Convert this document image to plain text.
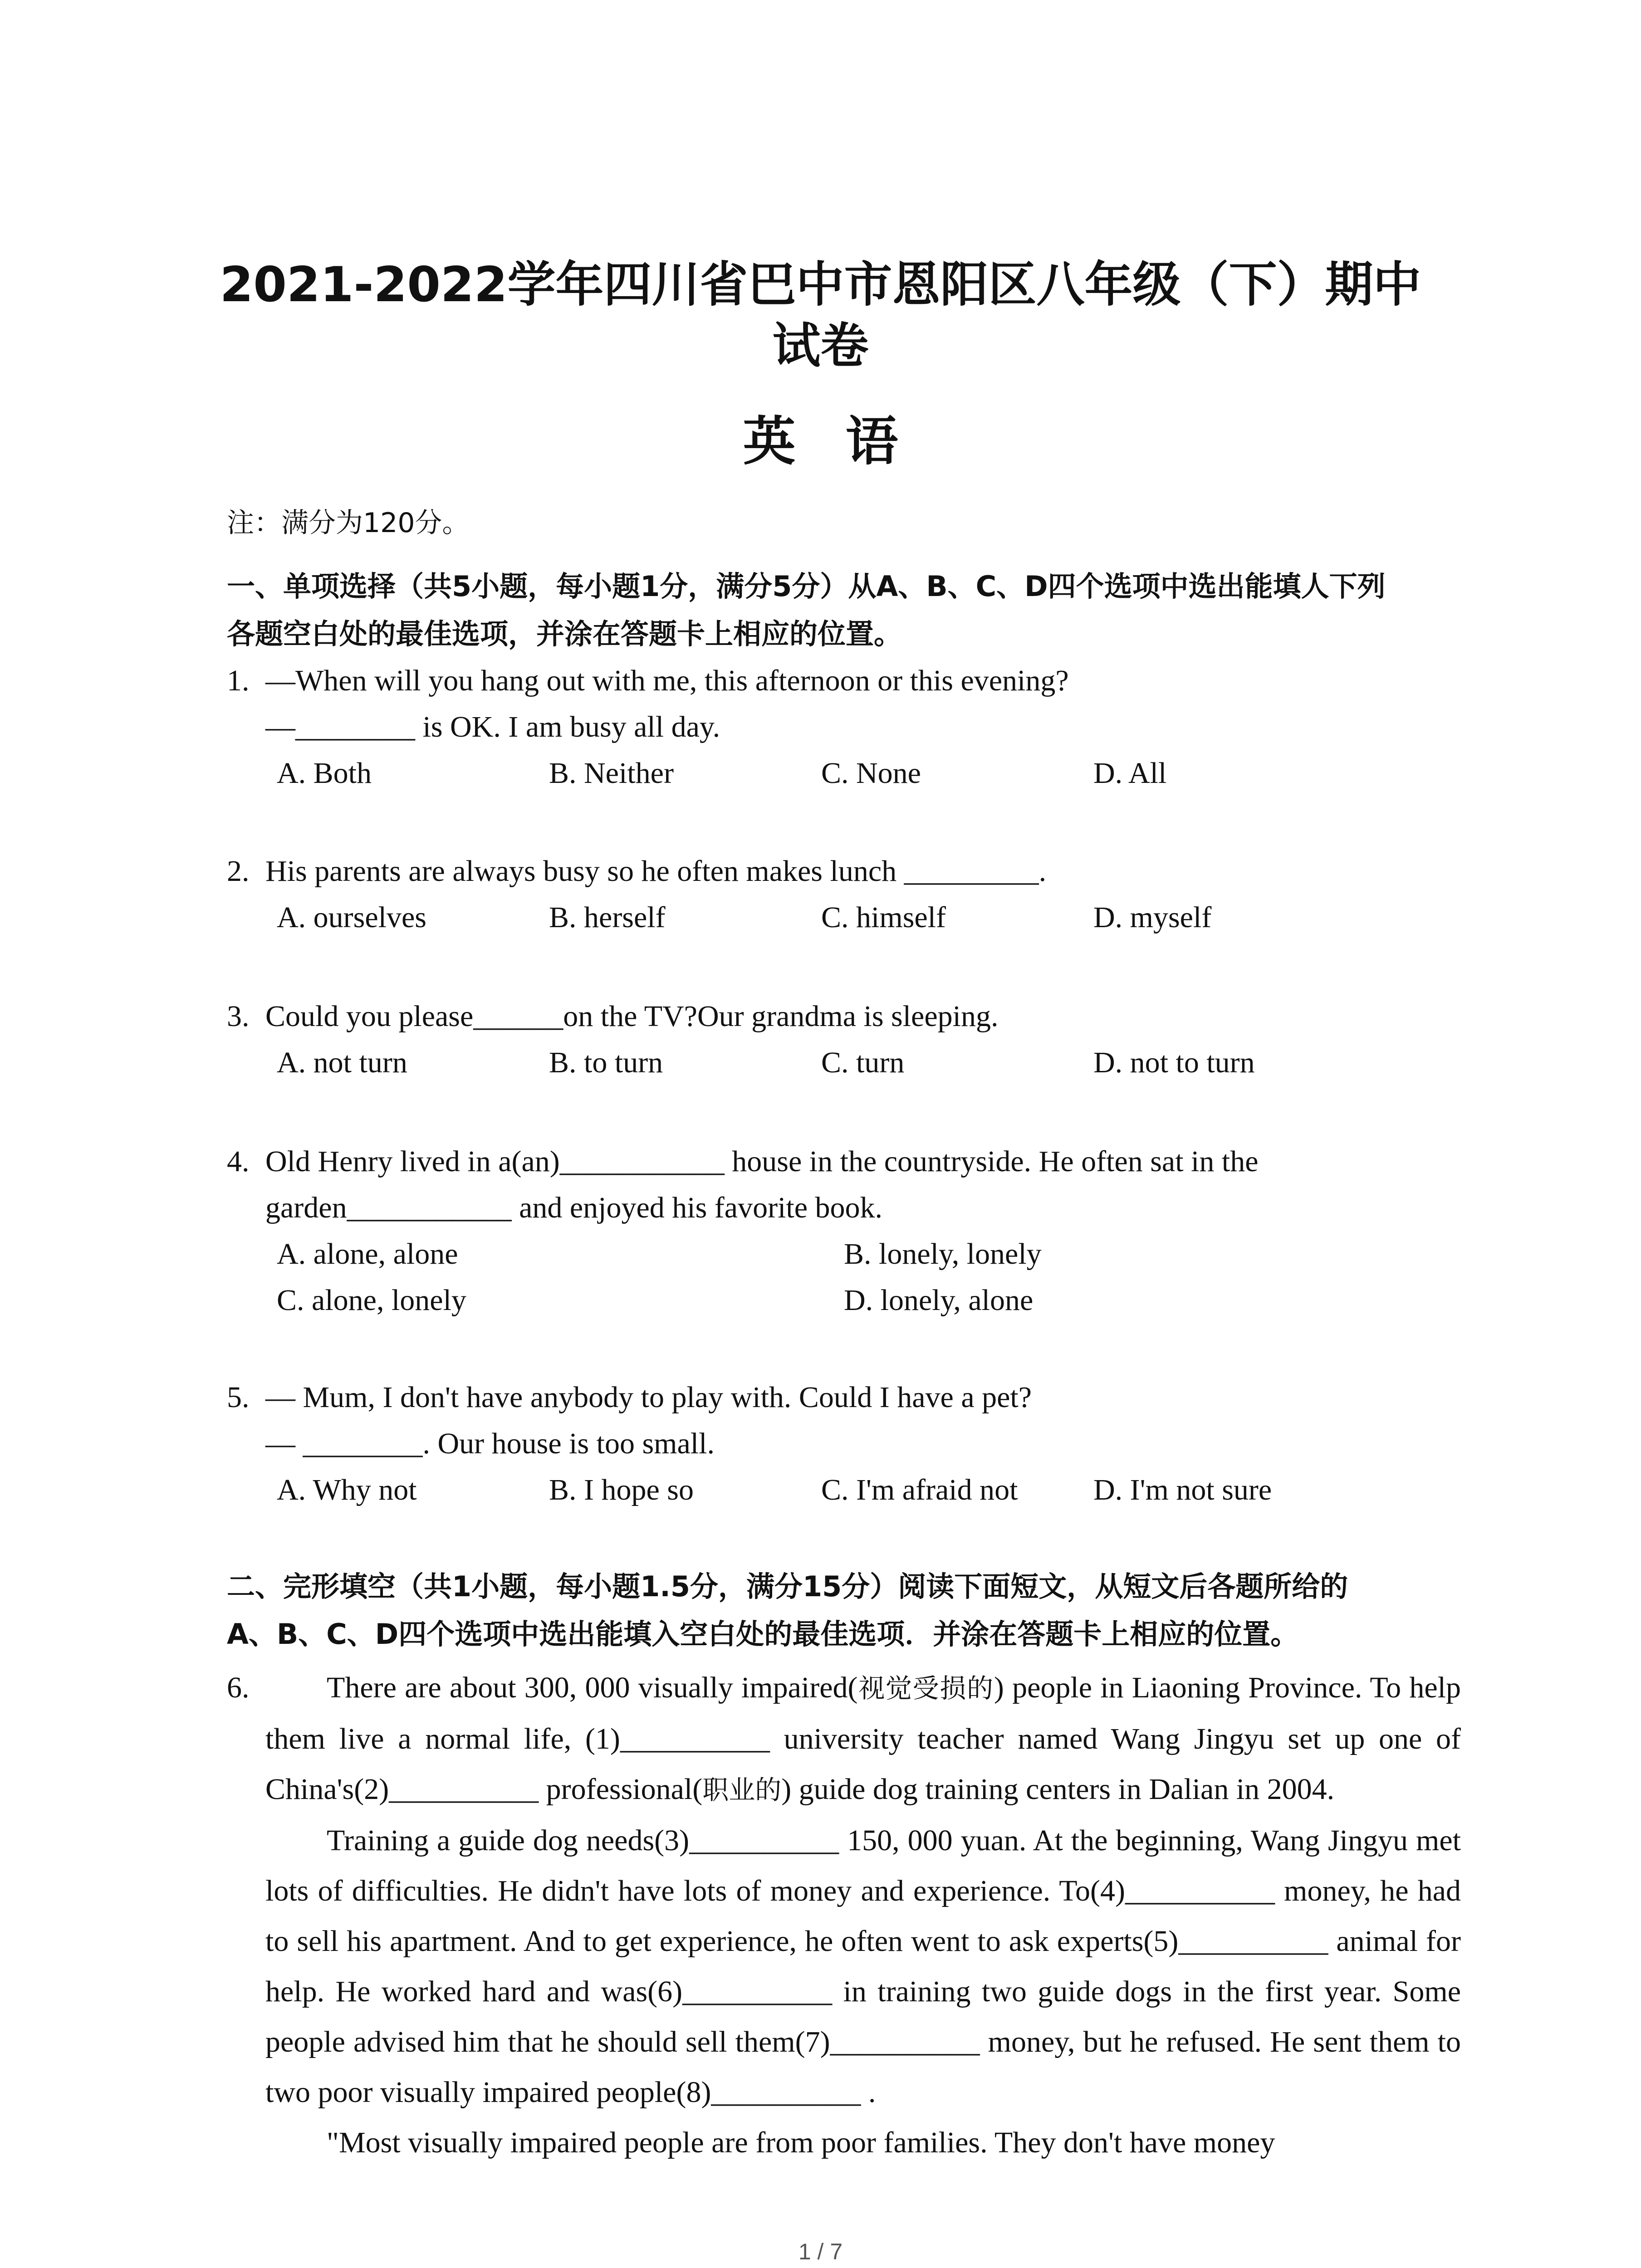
2021-2022学年四川省巴中市恩阳区八年级（下）期中
试卷
英语
注：满分为120分。
一、单项选择（共5小题，每小题1分，满分5分）从A、B、C、D四个选项中选出能填人下列
各题空白处的最佳选项，并涂在答题卡上相应的位置。
1. —When will you hang out with me, this afternoon or this evening?
—________ is OK. I am busy all day.
A. Both	B. Neither	C. None	D. All
2. His parents are always busy so he often makes lunch _________.
A. ourselves	B. herself	C. himself	D. myself
3. Could you please______on the TV?Our grandma is sleeping.
A. not turn	B. to turn	C. turn	D. not to turn
4. Old Henry lived in a(an)___________ house in the countryside. He often sat in the
garden___________ and enjoyed his favorite book.
A. alone, alone	B. lonely, lonely
C. alone, lonely	D. lonely, alone
5. — Mum, I don't have anybody to play with. Could I have a pet?
— ________. Our house is too small.
A. Why not	B. I hope so	C. I'm afraid not	D. I'm not sure
二、完形填空（共1小题，每小题1.5分，满分15分）阅读下面短文，从短文后各题所给的
A、B、C、D四个选项中选出能填入空白处的最佳选项．并涂在答题卡上相应的位置。
6.	There are about 300, 000 visually impaired(视觉受损的) people in Liaoning Province. To help them live a normal life, (1)__________ university teacher named Wang Jingyu set up one of China's(2)__________ professional(职业的) guide dog training centers in Dalian in 2004.

Training a guide dog needs(3)__________ 150, 000 yuan. At the beginning, Wang Jingyu met lots of difficulties. He didn't have lots of money and experience. To(4)__________ money, he had to sell his apartment. And to get experience, he often went to ask experts(5)__________ animal for help. He worked hard and was(6)__________ in training two guide dogs in the first year. Some people advised him that he should sell them(7)__________ money, but he refused. He sent them to two poor visually impaired people(8)__________ .

"Most visually impaired people are from poor families. They don't have money

1 / 7
